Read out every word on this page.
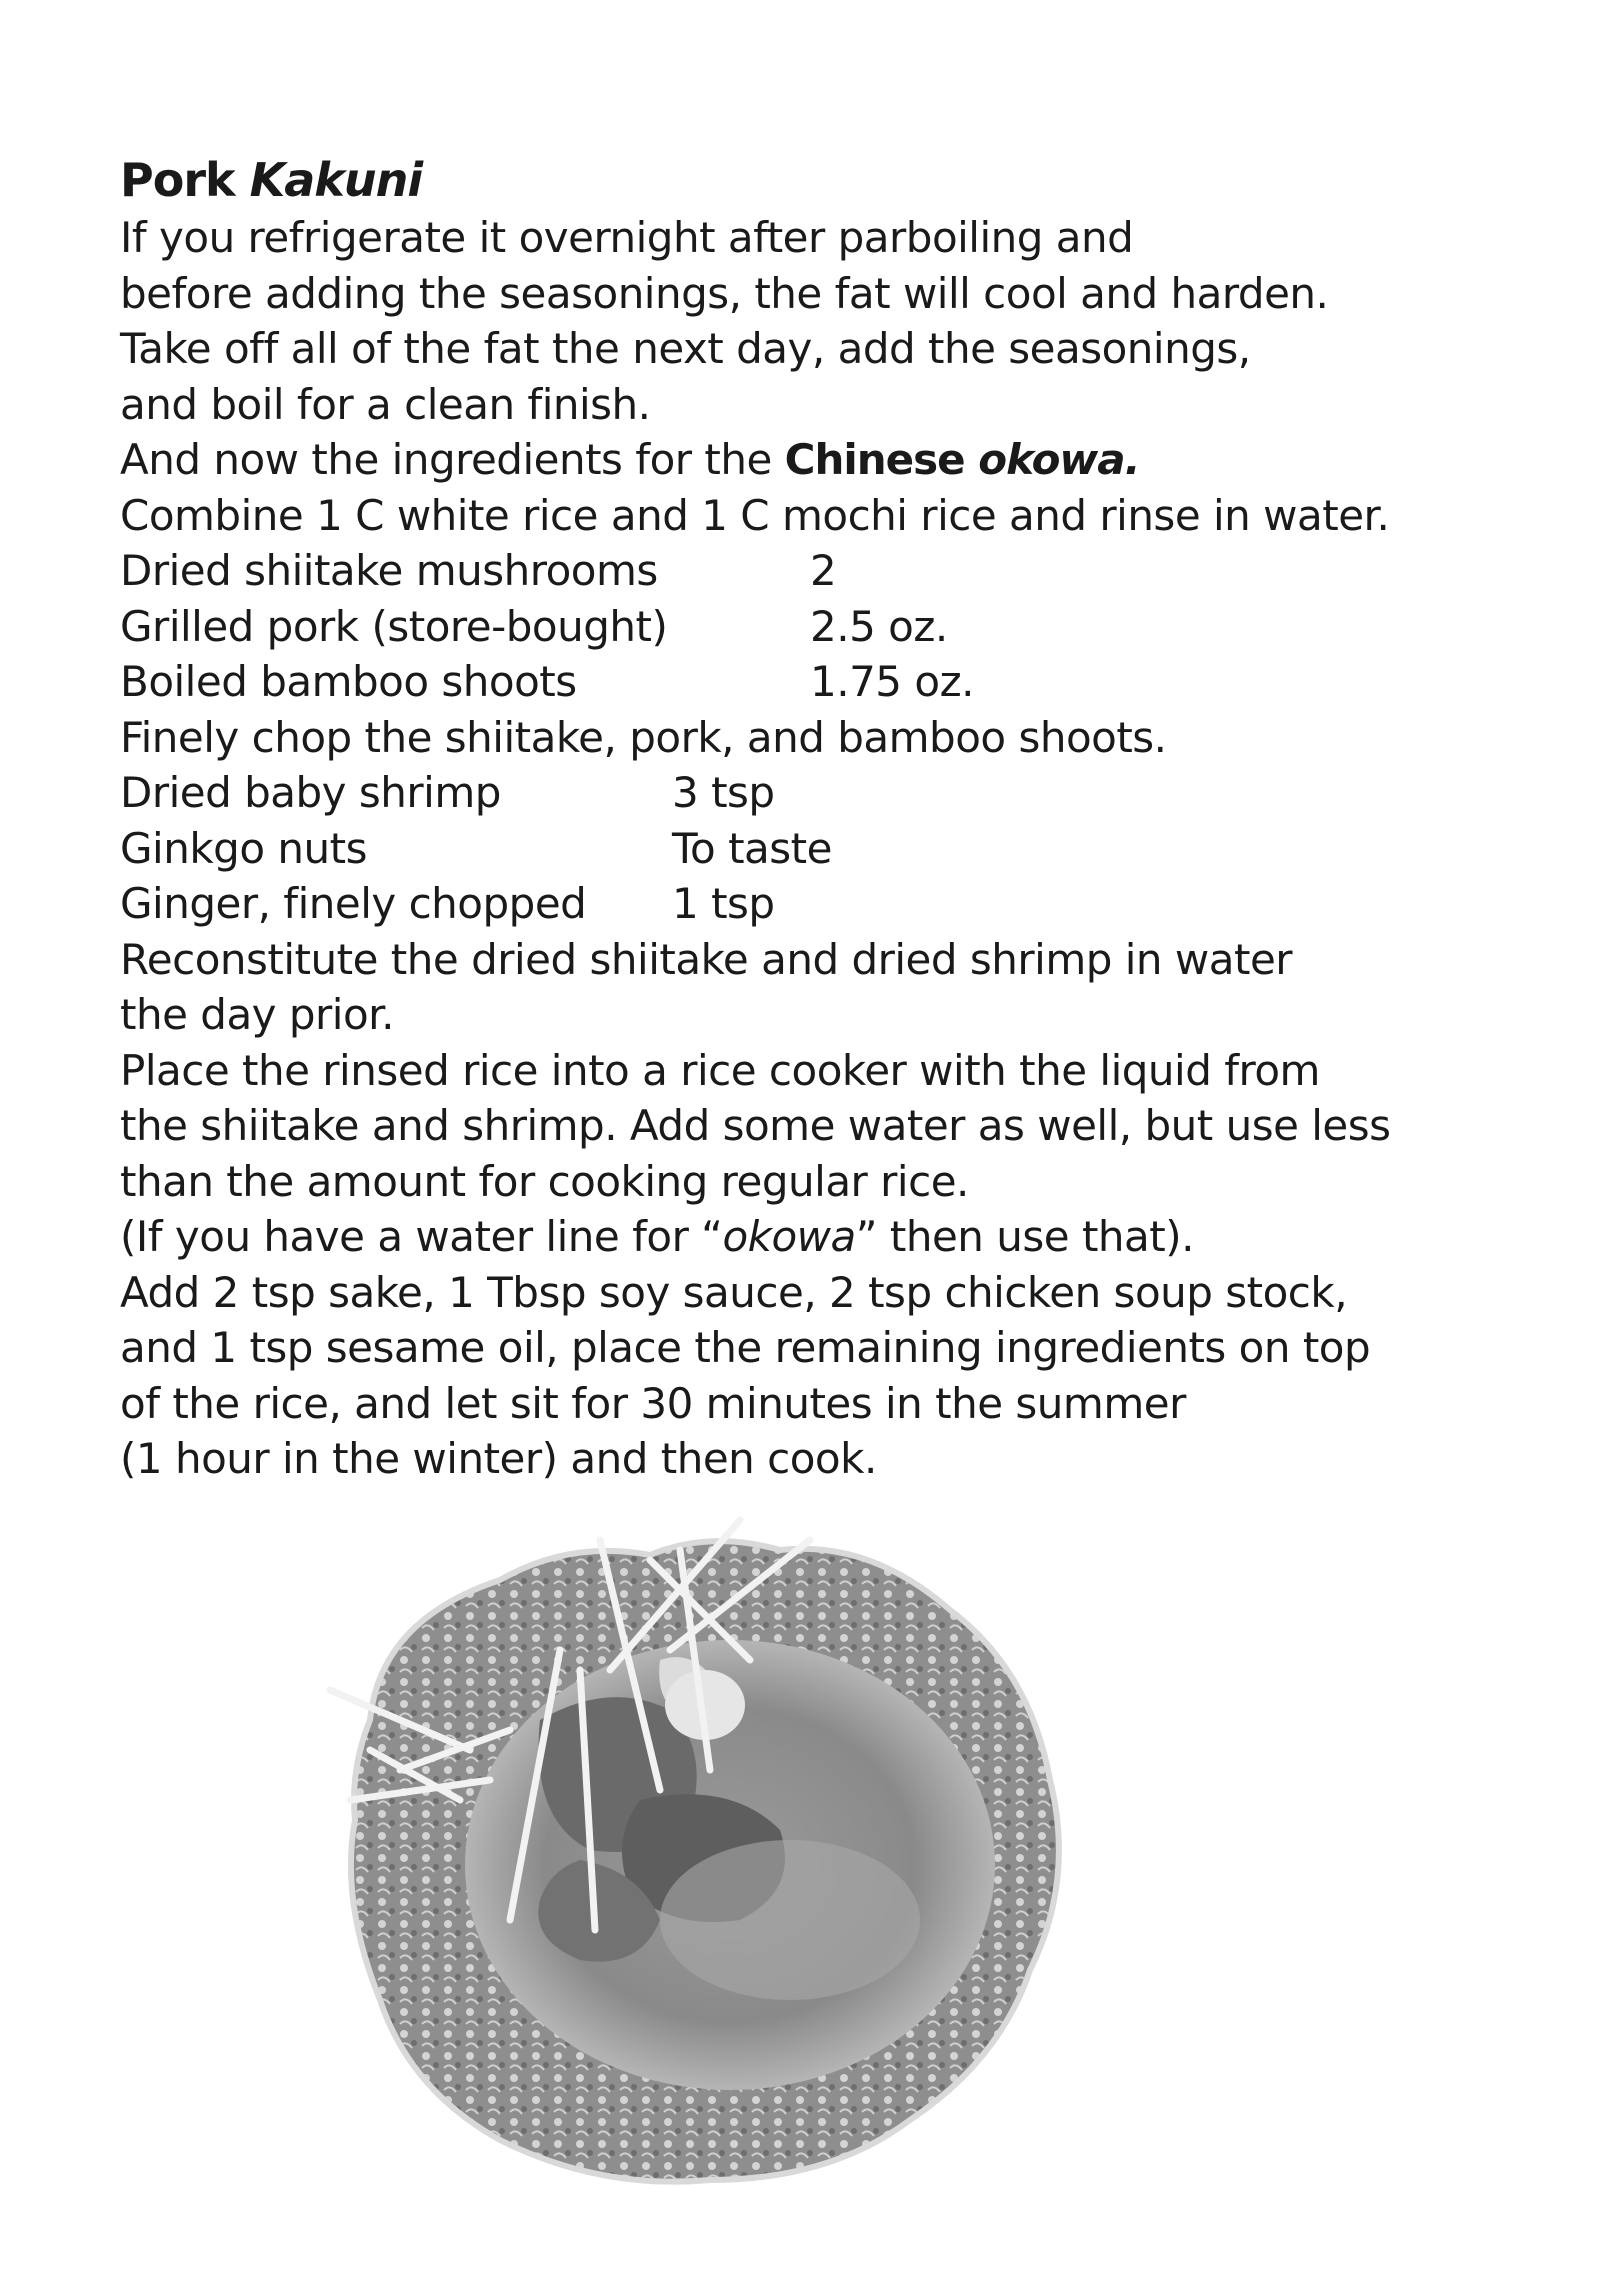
Pork Kakuni
If you refrigerate it overnight after parboiling and
before adding the seasonings, the fat will cool and harden.
Take off all of the fat the next day, add the seasonings,
and boil for a clean finish.
And now the ingredients for the Chinese okowa.
Combine 1 C white rice and 1 C mochi rice and rinse in water.
Dried shiitake mushrooms	2
Grilled pork (store-bought)	2.5 oz.
Boiled bamboo shoots	1.75 oz.
Finely chop the shiitake, pork, and bamboo shoots.
Dried baby shrimp	3 tsp
Ginkgo nuts	To taste
Ginger, finely chopped	1 tsp
Reconstitute the dried shiitake and dried shrimp in water
the day prior.
Place the rinsed rice into a rice cooker with the liquid from
the shiitake and shrimp. Add some water as well, but use less
than the amount for cooking regular rice.
(If you have a water line for “okowa” then use that).
Add 2 tsp sake, 1 Tbsp soy sauce, 2 tsp chicken soup stock,
and 1 tsp sesame oil, place the remaining ingredients on top
of the rice, and let sit for 30 minutes in the summer
(1 hour in the winter) and then cook.
